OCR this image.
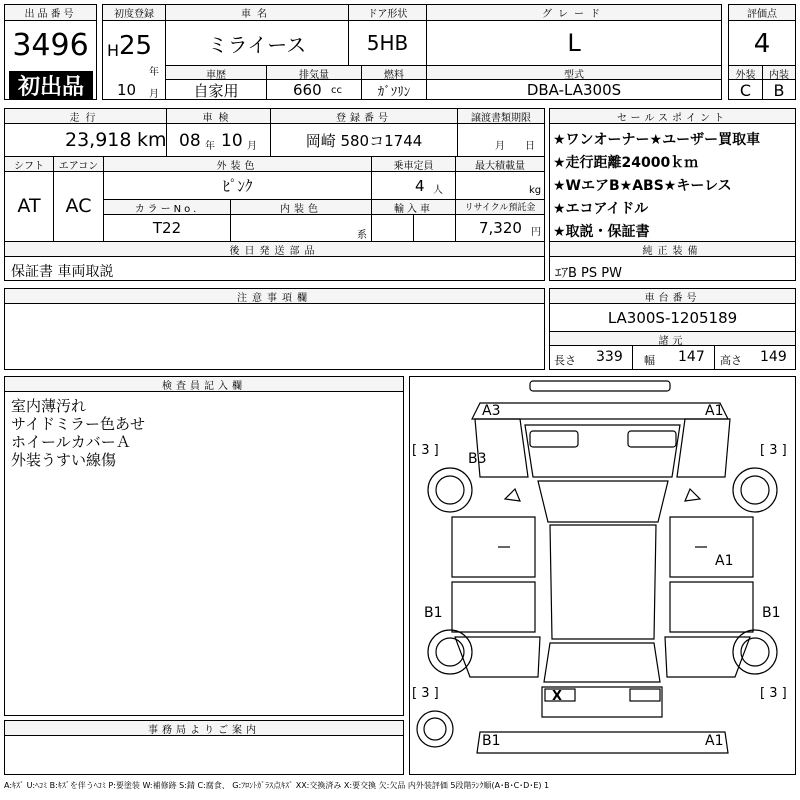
出品番号
3496
初出品
初度登録	車名	ドア形状	グレード
H 25
年
ミライース	5HB	L
車歴	排気量	燃料	型式
10 月	自家用	660 cc	ｶﾞｿﾘﾝ	DBA-LA300S
評価点
4
外装	内装
C	B
走行	車検	登録番号	譲渡書類期限
23,918 km 08 年 10 月	岡崎 580コ1744	月 日
シフト	エアコン	外装色	乗車定員	最大積載量
AT	AC
ﾋﾟﾝｸ	4 人	kg
カラーNo.	内装色	輸入車	リサイクル預託金
T22	系	7,320 円
後日発送部品
保証書 車両取説
セールスポイント
★ワンオーナー★ユーザー買取車
★走行距離24000ｋｍ
★WエアB★ABS★キーレス
★エコアイドル
★取説・保証書
純正装備
ｴｱB PS PW
注意事項欄	車台番号
LA300S-1205189
諸元
長さ 339 幅 147 高さ 149
検査員記入欄
室内薄汚れ
サイドミラー色あせ
ホイールカバーＡ
外装うすい線傷
事務局よりご案内
A3	A1
B3
A1
B1	B1
B1	A1
X
[ 3 ]	[ 3 ]
[ 3 ]	[ 3 ]
A:ｷｽﾞ U:ﾍｺﾐ B:ｷｽﾞを伴うﾍｺﾐ P:要塗装 W:補修跡 S:錆 C:腐食、 G:ﾌﾛﾝﾄｶﾞﾗｽ点ｷｽﾞ XX:交換済み X:要交換 欠:欠品 内外装評価 5段階ﾗﾝｸ順(A･B･C･D･E) 1
